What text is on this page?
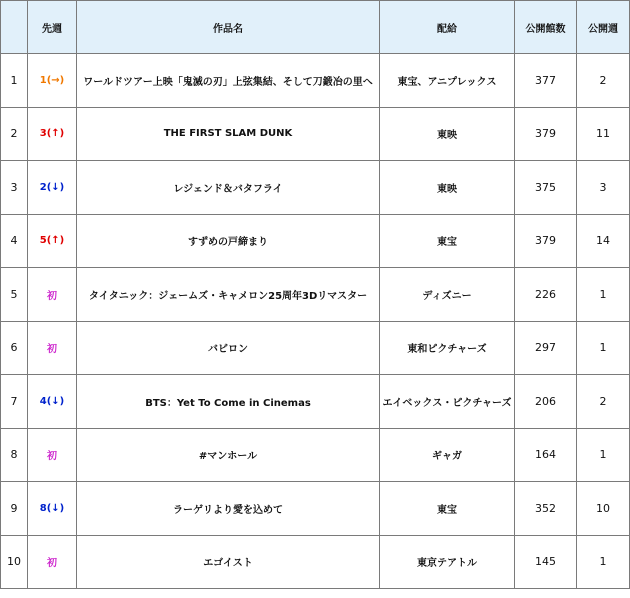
	先週	作品名	配給	公開館数	公開週
1	1(→)	ワールドツアー上映「鬼滅の刃」上弦集結、そして刀鍛冶の里へ	東宝、アニプレックス	377	2
2	3(↑)	THE FIRST SLAM DUNK	東映	379	11
3	2(↓)	レジェンド＆バタフライ	東映	375	3
4	5(↑)	すずめの戸締まり	東宝	379	14
5	初	タイタニック：ジェームズ・キャメロン25周年3Dリマスター	ディズニー	226	1
6	初	バビロン	東和ピクチャーズ	297	1
7	4(↓)	BTS：Yet To Come in Cinemas	エイベックス・ピクチャーズ	206	2
8	初	#マンホール	ギャガ	164	1
9	8(↓)	ラーゲリより愛を込めて	東宝	352	10
10	初	エゴイスト	東京テアトル	145	1
